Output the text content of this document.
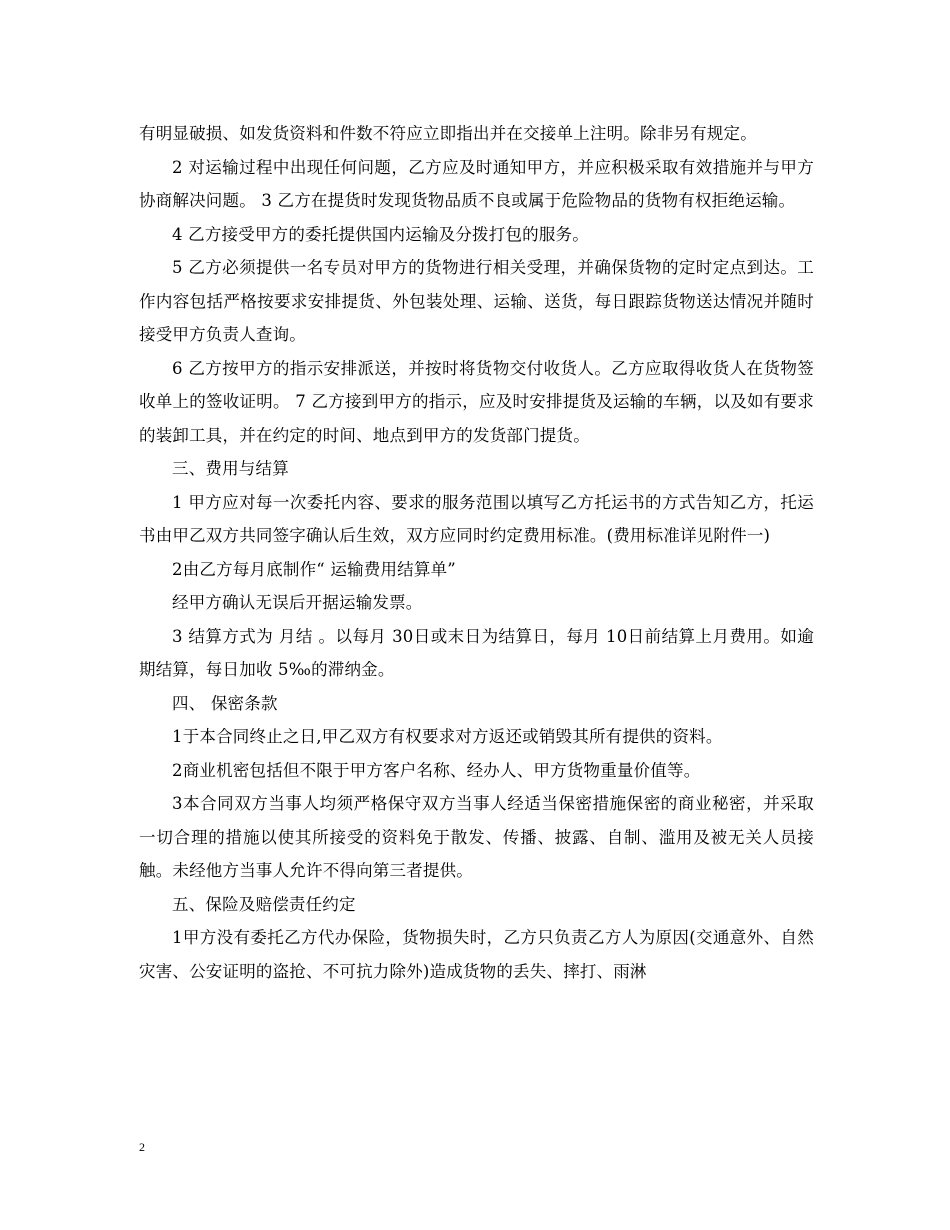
有明显破损、如发货资料和件数不符应立即指出并在交接单上注明。除非另有规定。

2 对运输过程中出现任何问题，乙方应及时通知甲方，并应积极采取有效措施并与甲方协商解决问题。 3 乙方在提货时发现货物品质不良或属于危险物品的货物有权拒绝运输。

4 乙方接受甲方的委托提供国内运输及分拨打包的服务。

5 乙方必须提供一名专员对甲方的货物进行相关受理，并确保货物的定时定点到达。工作内容包括严格按要求安排提货、外包装处理、运输、送货，每日跟踪货物送达情况并随时接受甲方负责人查询。

6 乙方按甲方的指示安排派送，并按时将货物交付收货人。乙方应取得收货人在货物签收单上的签收证明。 7 乙方接到甲方的指示，应及时安排提货及运输的车辆，以及如有要求的装卸工具，并在约定的时间、地点到甲方的发货部门提货。

三、费用与结算

1 甲方应对每一次委托内容、要求的服务范围以填写乙方托运书的方式告知乙方，托运书由甲乙双方共同签字确认后生效，双方应同时约定费用标准。(费用标准详见附件一)

2由乙方每月底制作“ 运输费用结算单”

经甲方确认无误后开据运输发票。

3 结算方式为 月结 。以每月 30日或末日为结算日，每月 10日前结算上月费用。如逾期结算，每日加收 5‰的滞纳金。

四、 保密条款

1于本合同终止之日,甲乙双方有权要求对方返还或销毁其所有提供的资料。

2商业机密包括但不限于甲方客户名称、经办人、甲方货物重量价值等。

3本合同双方当事人均须严格保守双方当事人经适当保密措施保密的商业秘密，并采取一切合理的措施以使其所接受的资料免于散发、传播、披露、自制、滥用及被无关人员接触。未经他方当事人允许不得向第三者提供。

五、保险及赔偿责任约定

1甲方没有委托乙方代办保险，货物损失时，乙方只负责乙方人为原因(交通意外、自然灾害、公安证明的盗抢、不可抗力除外)造成货物的丢失、摔打、雨淋

2
